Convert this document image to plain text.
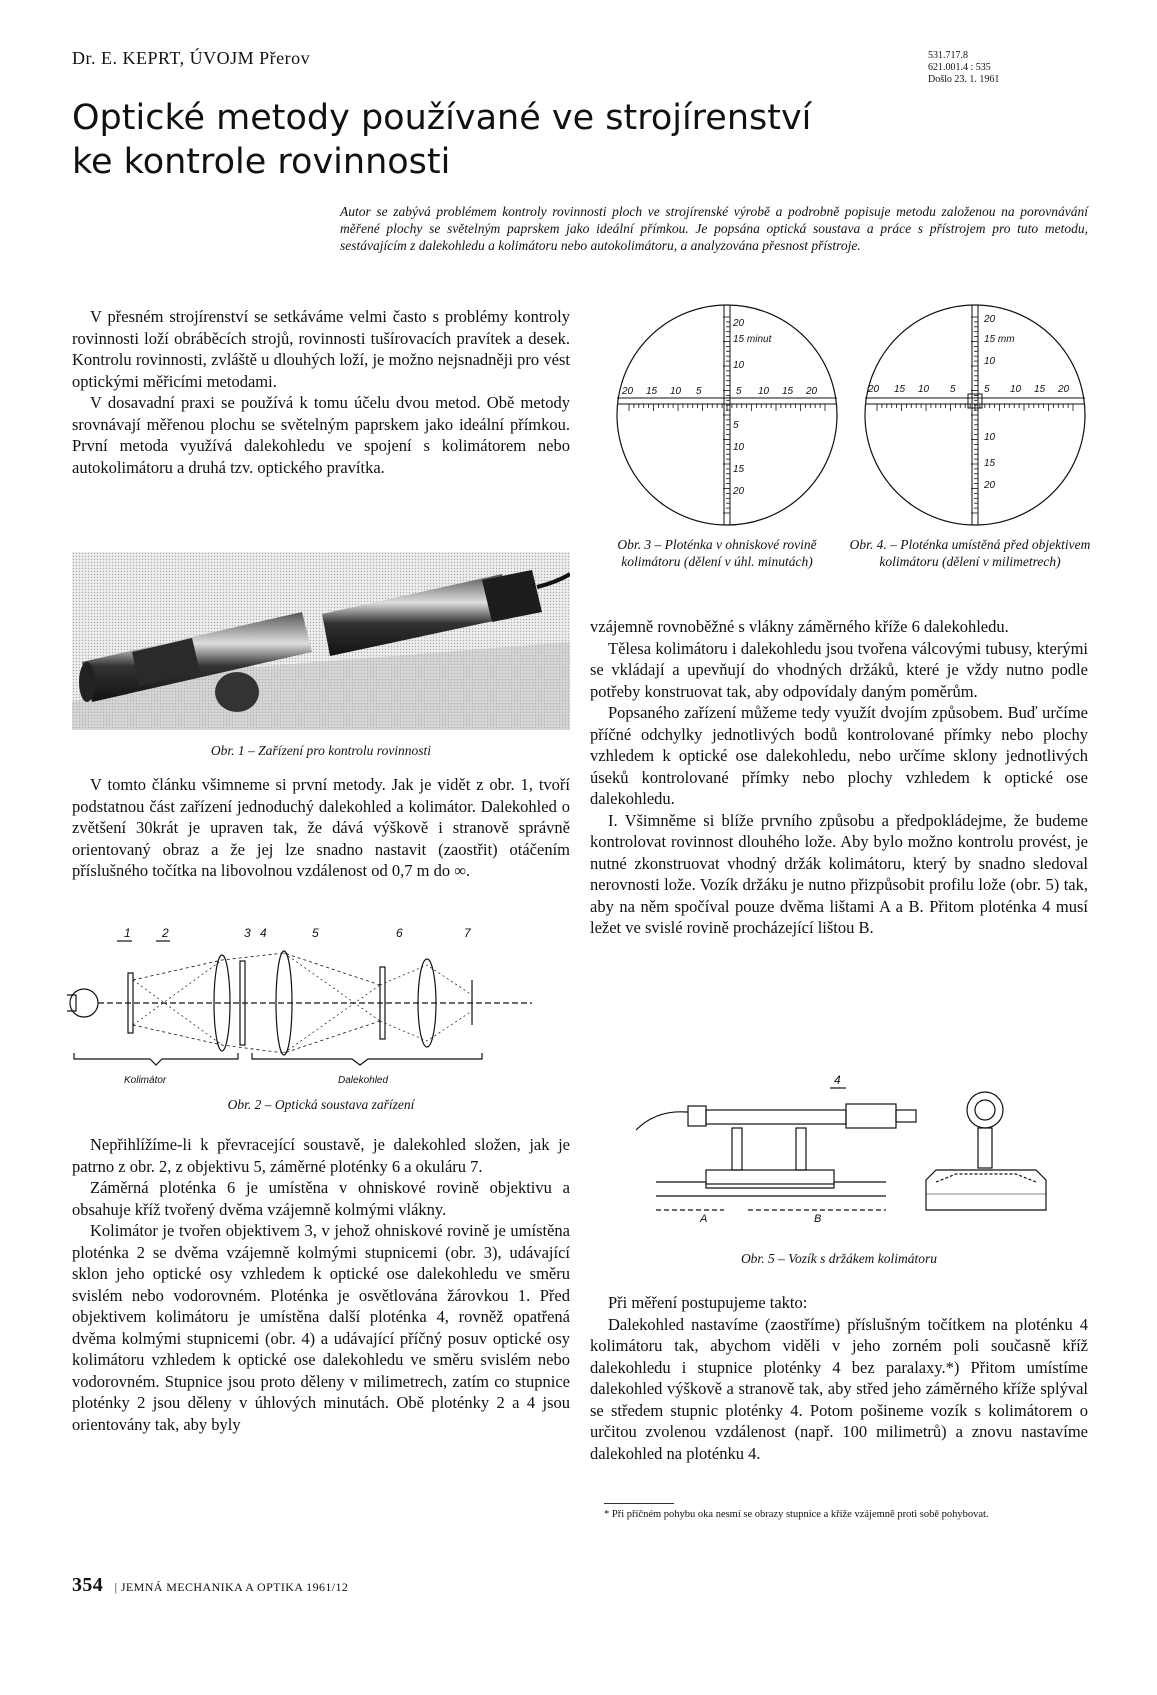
Dr. E. KEPRT, ÚVOJM Přerov	531.717.8
621.001.4 : 535
Došlo 23. 1. 1961
Optické metody používané ve strojírenství
ke kontrole rovinnosti
Autor se zabývá problémem kontroly rovinnosti ploch ve strojírenské výrobě a podrobně popisuje metodu založenou na porovnávání měřené plochy se světelným paprskem jako ideální přímkou. Je popsána optická soustava a práce s přístrojem pro tuto metodu, sestávajícím z dalekohledu a kolimátoru nebo autokolimátoru, a analyzována přesnost přístroje.

V přesném strojírenství se setkáváme velmi často s problémy kontroly rovinnosti loží obráběcích strojů, rovinnosti tušírovacích pravítek a desek. Kontrolu rovinnosti, zvláště u dlouhých loží, je možno nejsnadněji pro vést optickými měřicími metodami.

V dosavadní praxi se používá k tomu účelu dvou metod. Obě metody srovnávají měřenou plochu se světelným paprskem jako ideální přímkou. První metoda využívá dalekohledu ve spojení s kolimátorem nebo autokolimátoru a druhá tzv. optického pravítka.

Obr. 1 – Zařízení pro kontrolu rovinnosti

V tomto článku všimneme si první metody. Jak je vidět z obr. 1, tvoří podstatnou část zařízení jednoduchý dalekohled a kolimátor. Dalekohled o zvětšení 30krát je upraven tak, že dává výškově i stranově správně orientovaný obraz a že jej lze snadno nastavit (zaostřit) otáčením příslušného točítka na libovolnou vzdálenost od 0,7 m do ∞.

1	2	3 4	5	6	7
Kolimátor	Dalekohled
Obr. 2 – Optická soustava zařízení

Nepřihlížíme-li k převracející soustavě, je dalekohled složen, jak je patrno z obr. 2, z objektivu 5, záměrné ploténky 6 a okuláru 7.

Záměrná ploténka 6 je umístěna v ohniskové rovině objektivu a obsahuje kříž tvořený dvěma vzájemně kolmými vlákny.

Kolimátor je tvořen objektivem 3, v jehož ohniskové rovině je umístěna ploténka 2 se dvěma vzájemně kolmými stupnicemi (obr. 3), udávající sklon jeho optické osy vzhledem k optické ose dalekohledu ve směru svislém nebo vodorovném. Ploténka je osvětlována žárovkou 1. Před objektivem kolimátoru je umístěna další ploténka 4, rovněž opatřená dvěma kolmými stupnicemi (obr. 4) a udávající příčný posuv optické osy kolimátoru vzhledem k optické ose dalekohledu ve směru svislém nebo vodorovném. Stupnice jsou proto děleny v milimetrech, zatím co stupnice ploténky 2 jsou děleny v úhlových minutách. Obě ploténky 2 a 4 jsou orientovány tak, aby byly

20
15 minut
10
20 15 10 5	5 10 15 20
5
10
15
20
20
15 mm
10
20 15 10 5	5 10 15 20
10
15
20
Obr. 3 – Ploténka v ohniskové rovině kolimátoru (dělení v úhl. minutách)
Obr. 4. – Ploténka umístěná před objektivem kolimátoru (dělení v milimetrech)

vzájemně rovnoběžné s vlákny záměrného kříže 6 dalekohledu.

Tělesa kolimátoru i dalekohledu jsou tvořena válcovými tubusy, kterými se vkládají a upevňují do vhodných držáků, které je vždy nutno podle potřeby konstruovat tak, aby odpovídaly daným poměrům.

Popsaného zařízení můžeme tedy využít dvojím způsobem. Buď určíme příčné odchylky jednotlivých bodů kontrolované přímky nebo plochy vzhledem k optické ose dalekohledu, nebo určíme sklony jednotlivých úseků kontrolované přímky nebo plochy vzhledem k optické ose dalekohledu.

I. Všimněme si blíže prvního způsobu a předpokládejme, že budeme kontrolovat rovinnost dlouhého lože. Aby bylo možno kontrolu provést, je nutné zkonstruovat vhodný držák kolimátoru, který by snadno sledoval nerovnosti lože. Vozík držáku je nutno přizpůsobit profilu lože (obr. 5) tak, aby na něm spočíval pouze dvěma lištami A a B. Přitom ploténka 4 musí ležet ve svislé rovině procházející lištou B.

4
A	B
Obr. 5 – Vozík s držákem kolimátoru

Při měření postupujeme takto:

Dalekohled nastavíme (zaostříme) příslušným točítkem na ploténku 4 kolimátoru tak, abychom viděli v jeho zorném poli současně kříž dalekohledu i stupnice ploténky 4 bez paralaxy.*) Přitom umístíme dalekohled výškově a stranově tak, aby střed jeho záměrného kříže splýval se středem stupnic ploténky 4. Potom pošineme vozík s kolimátorem o určitou zvolenou vzdálenost (např. 100 milimetrů) a znovu nastavíme dalekohled na ploténku 4.

* Při příčném pohybu oka nesmí se obrazy stupnice a kříže vzájemně proti sobě pohybovat.
354 | JEMNÁ MECHANIKA A OPTIKA 1961/12
